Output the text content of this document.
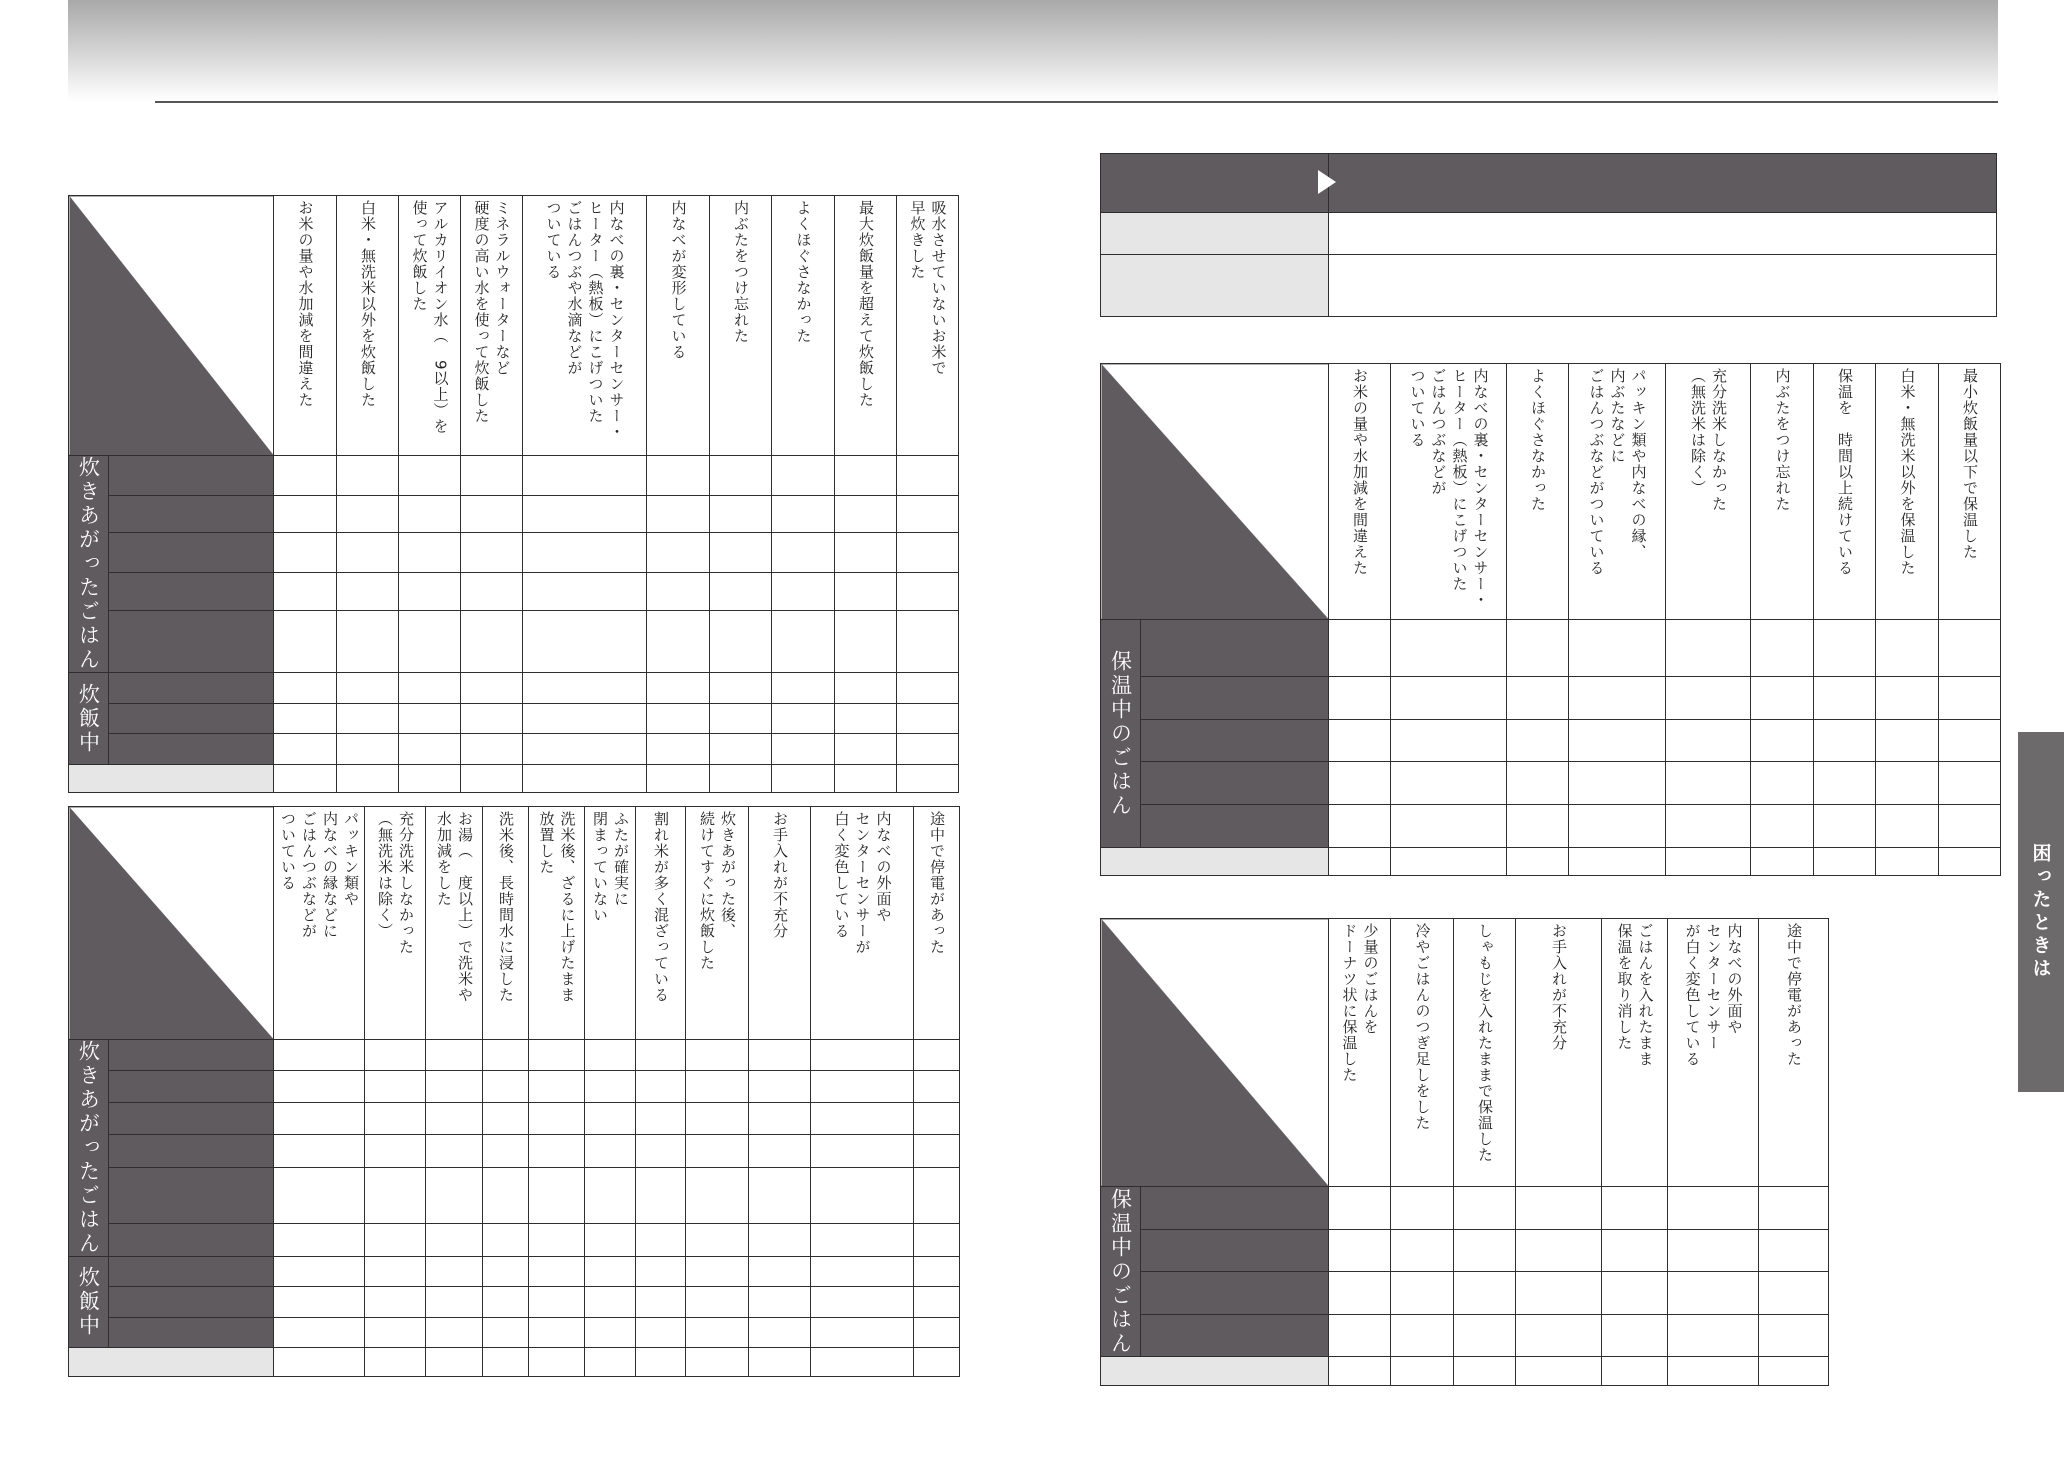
		お米の量や水加減を間違えた	白米・無洗米以外を炊飯した	アルカリイオン水（　9以上）を
使って炊飯した	ミネラルウォーターなど
硬度の高い水を使って炊飯した	内なべの裏・センターセンサー・
ヒーター（熱板）にこげついた
ごはんつぶや水滴などが
ついている	内なべが変形している	内ぶたをつけ忘れた	よくほぐさなかった	最大炊飯量を超えて炊飯した	吸水させていないお米で
早炊きした

炊きあがったごはん											

炊飯中											

		パッキン類や
内なべの縁などに
ごはんつぶなどが
ついている	充分洗米しなかった
（無洗米は除く）	お湯（　度以上）で洗米や
水加減をした	洗米後、長時間水に浸した	洗米後、ざるに上げたまま
放置した	ふたが確実に
閉まっていない	割れ米が多く混ざっている	炊きあがった後、
続けてすぐに炊飯した	お手入れが不充分	内なべの外面や
センターセンサーが
白く変色している	途中で停電があった

炊きあがったごはん												

炊飯中												

		お米の量や水加減を間違えた	内なべの裏・センターセンサー・
ヒーター（熱板）にこげついた
ごはんつぶなどが
ついている	よくほぐさなかった	パッキン類や内なべの縁、
内ぶたなどに
ごはんつぶなどがついている	充分洗米しなかった
（無洗米は除く）	内ぶたをつけ忘れた	保温を　時間以上続けている	白米・無洗米以外を保温した	最小炊飯量以下で保温した

保温中のごはん										

		少量のごはんを
ドーナツ状に保温した	冷やごはんのつぎ足しをした	しゃもじを入れたままで保温した	お手入れが不充分	ごはんを入れたまま
保温を取り消した	内なべの外面や
センターセンサー
が白く変色している	途中で停電があった

保温中のごはん								

困ったときは
